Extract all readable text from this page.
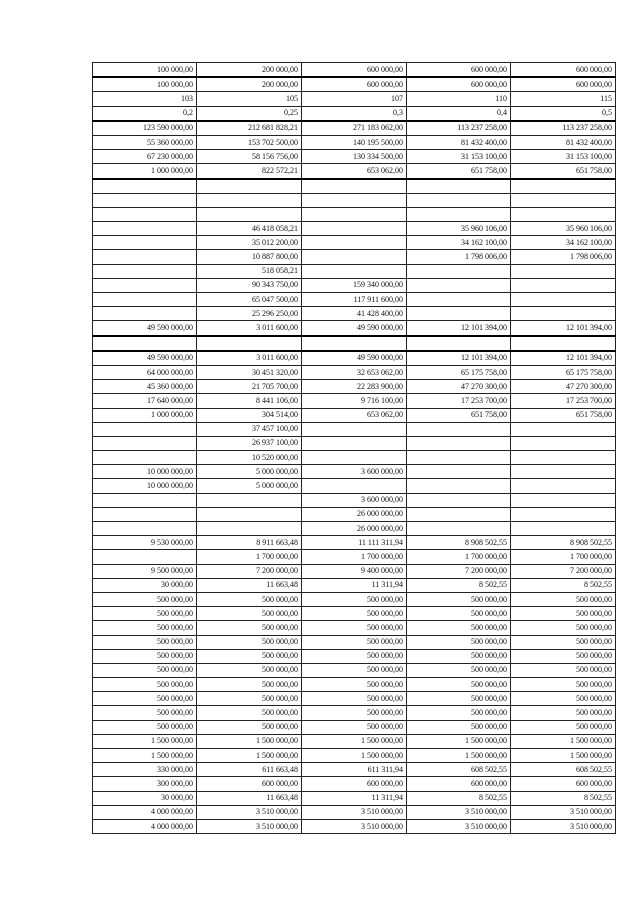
100 000,00	200 000,00	600 000,00	600 000,00	600 000,00
100 000,00	200 000,00	600 000,00	600 000,00	600 000,00
103	105	107	110	115
0,2	0,25	0,3	0,4	0,5
123 590 000,00	212 681 828,21	271 183 062,00	113 237 258,00	113 237 258,00
55 360 000,00	153 702 500,00	140 195 500,00	81 432 400,00	81 432 400,00
67 230 000,00	58 156 756,00	130 334 500,00	31 153 100,00	31 153 100,00
1 000 000,00	822 572,21	653 062,00	651 758,00	651 758,00

	46 418 058,21		35 960 106,00	35 960 106,00
	35 012 200,00		34 162 100,00	34 162 100,00
	10 887 800,00		1 798 006,00	1 798 006,00
	518 058,21			
	90 343 750,00	159 340 000,00		
	65 047 500,00	117 911 600,00		
	25 296 250,00	41 428 400,00		
49 590 000,00	3 011 600,00	49 590 000,00	12 101 394,00	12 101 394,00

49 590 000,00	3 011 600,00	49 590 000,00	12 101 394,00	12 101 394,00
64 000 000,00	30 451 320,00	32 653 062,00	65 175 758,00	65 175 758,00
45 360 000,00	21 705 700,00	22 283 900,00	47 270 300,00	47 270 300,00
17 640 000,00	8 441 106,00	9 716 100,00	17 253 700,00	17 253 700,00
1 000 000,00	304 514,00	653 062,00	651 758,00	651 758,00
	37 457 100,00			
	26 937 100,00			
	10 520 000,00			
10 000 000,00	5 000 000,00	3 600 000,00		
10 000 000,00	5 000 000,00			
		3 600 000,00		
		26 000 000,00		
		26 000 000,00		
9 530 000,00	8 911 663,48	11 111 311,94	8 908 502,55	8 908 502,55
	1 700 000,00	1 700 000,00	1 700 000,00	1 700 000,00
9 500 000,00	7 200 000,00	9 400 000,00	7 200 000,00	7 200 000,00
30 000,00	11 663,48	11 311,94	8 502,55	8 502,55
500 000,00	500 000,00	500 000,00	500 000,00	500 000,00
500 000,00	500 000,00	500 000,00	500 000,00	500 000,00
500 000,00	500 000,00	500 000,00	500 000,00	500 000,00
500 000,00	500 000,00	500 000,00	500 000,00	500 000,00
500 000,00	500 000,00	500 000,00	500 000,00	500 000,00
500 000,00	500 000,00	500 000,00	500 000,00	500 000,00
500 000,00	500 000,00	500 000,00	500 000,00	500 000,00
500 000,00	500 000,00	500 000,00	500 000,00	500 000,00
500 000,00	500 000,00	500 000,00	500 000,00	500 000,00
500 000,00	500 000,00	500 000,00	500 000,00	500 000,00
1 500 000,00	1 500 000,00	1 500 000,00	1 500 000,00	1 500 000,00
1 500 000,00	1 500 000,00	1 500 000,00	1 500 000,00	1 500 000,00
330 000,00	611 663,48	611 311,94	608 502,55	608 502,55
300 000,00	600 000,00	600 000,00	600 000,00	600 000,00
30 000,00	11 663,48	11 311,94	8 502,55	8 502,55
4 000 000,00	3 510 000,00	3 510 000,00	3 510 000,00	3 510 000,00
4 000 000,00	3 510 000,00	3 510 000,00	3 510 000,00	3 510 000,00
